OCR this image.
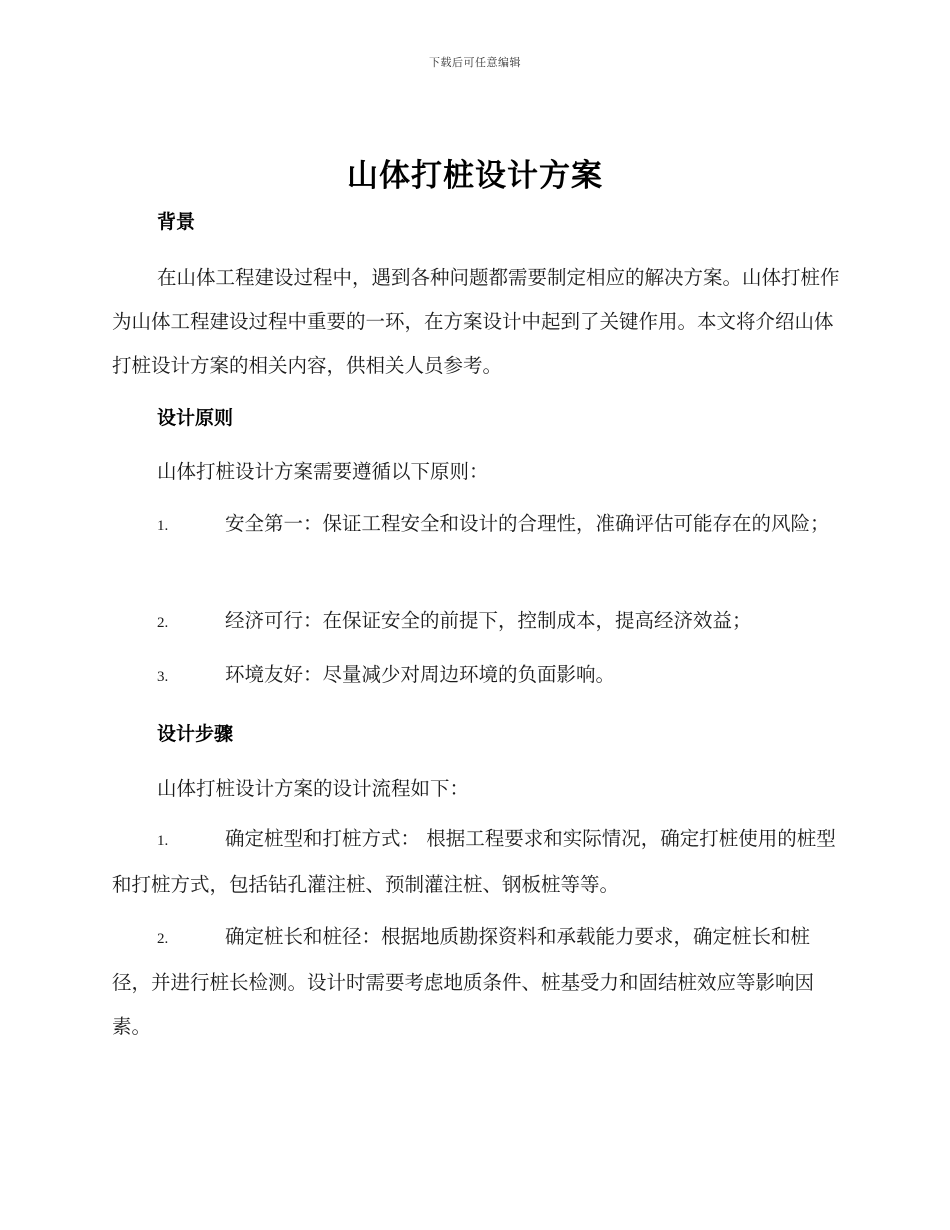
下载后可任意编辑
山体打桩设计方案
背景

在山体工程建设过程中，遇到各种问题都需要制定相应的解决方案。山体打桩作为山体工程建设过程中重要的一环，在方案设计中起到了关键作用。本文将介绍山体打桩设计方案的相关内容，供相关人员参考。

设计原则
山体打桩设计方案需要遵循以下原则：
1.	安全第一：保证工程安全和设计的合理性，准确评估可能存在的风险；
2.	经济可行：在保证安全的前提下，控制成本，提高经济效益；
3.	环境友好：尽量减少对周边环境的负面影响。
设计步骤
山体打桩设计方案的设计流程如下：
1.	确定桩型和打桩方式： 根据工程要求和实际情况，确定打桩使用的桩型和打桩方式，包括钻孔灌注桩、预制灌注桩、钢板桩等等。
2.	确定桩长和桩径：根据地质勘探资料和承载能力要求，确定桩长和桩径，并进行桩长检测。设计时需要考虑地质条件、桩基受力和固结桩效应等影响因素。
